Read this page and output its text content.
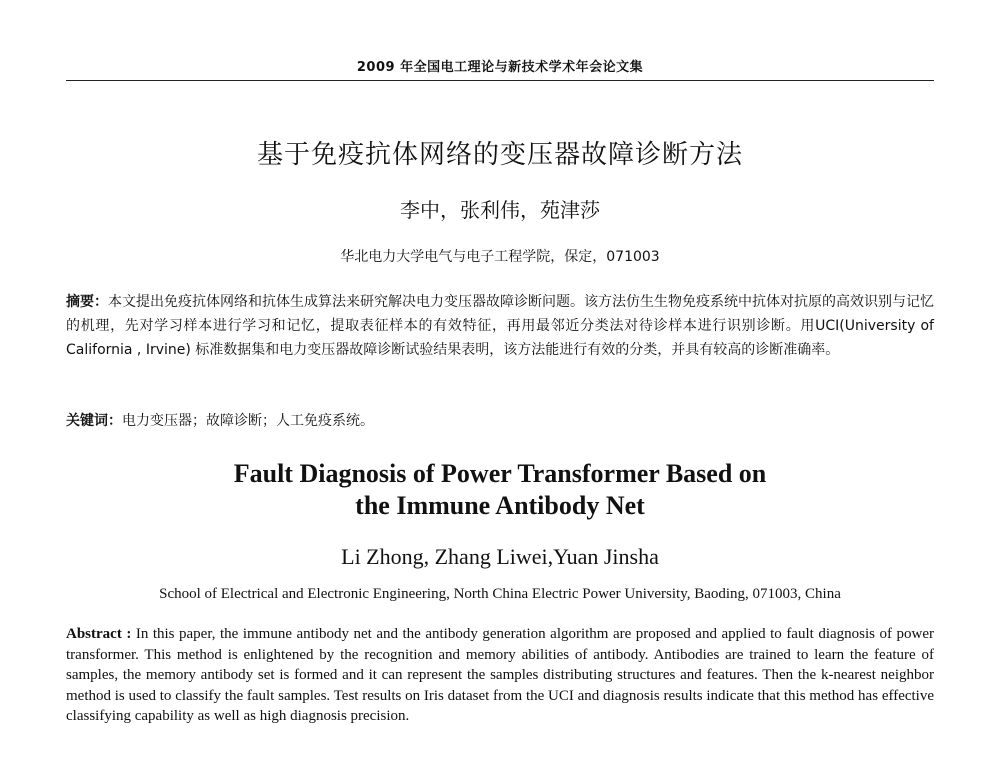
2009 年全国电工理论与新技术学术年会论文集
基于免疫抗体网络的变压器故障诊断方法
李中，张利伟，苑津莎
华北电力大学电气与电子工程学院，保定，071003
摘要：本文提出免疫抗体网络和抗体生成算法来研究解决电力变压器故障诊断问题。该方法仿生生物免疫系统中抗体对抗原的高效识别与记忆的机理，先对学习样本进行学习和记忆，提取表征样本的有效特征，再用最邻近分类法对待诊样本进行识别诊断。用UCI(University of California , Irvine) 标准数据集和电力变压器故障诊断试验结果表明，该方法能进行有效的分类，并具有较高的诊断准确率。
关键词：电力变压器；故障诊断；人工免疫系统。
Fault Diagnosis of Power Transformer Based on
the Immune Antibody Net
Li Zhong, Zhang Liwei,Yuan Jinsha
School of Electrical and Electronic Engineering, North China Electric Power University, Baoding, 071003, China
Abstract : In this paper, the immune antibody net and the antibody generation algorithm are proposed and applied to fault diagnosis of power transformer. This method is enlightened by the recognition and memory abilities of antibody. Antibodies are trained to learn the feature of samples, the memory antibody set is formed and it can represent the samples distributing structures and features. Then the k-nearest neighbor method is used to classify the fault samples. Test results on Iris dataset from the UCI and diagnosis results indicate that this method has effective classifying capability as well as high diagnosis precision.
